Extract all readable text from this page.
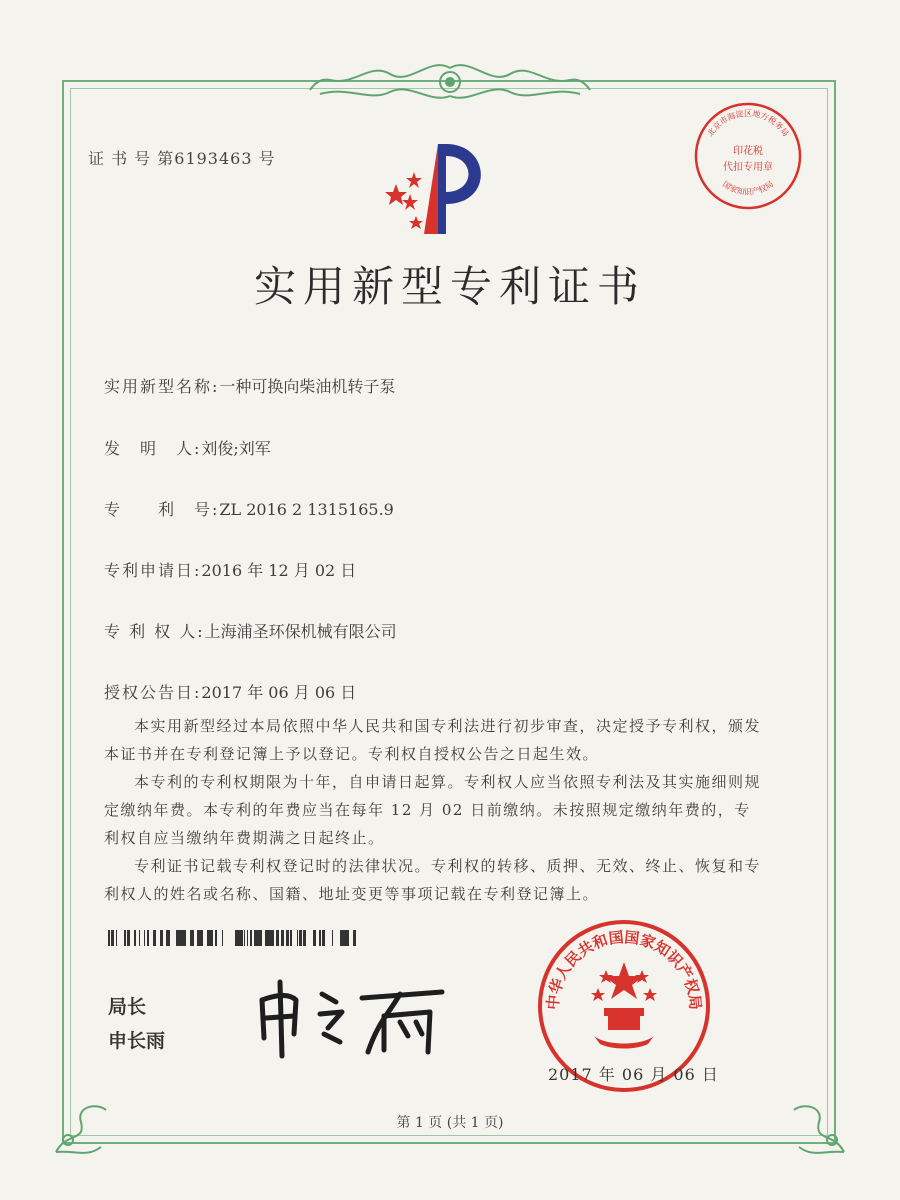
证 书 号 第6193463 号
北京市海淀区地方税务局
印花税
代扣专用章
国家知识产权局
实用新型专利证书
实用新型名称:一种可换向柴油机转子泵
发　明　人:刘俊;刘军
专　　利　号:ZL 2016 2 1315165.9
专利申请日:2016 年 12 月 02 日
专 利 权 人:上海浦圣环保机械有限公司
授权公告日:2017 年 06 月 06 日

本实用新型经过本局依照中华人民共和国专利法进行初步审查，决定授予专利权，颁发本证书并在专利登记簿上予以登记。专利权自授权公告之日起生效。

本专利的专利权期限为十年，自申请日起算。专利权人应当依照专利法及其实施细则规定缴纳年费。本专利的年费应当在每年 12 月 02 日前缴纳。未按照规定缴纳年费的，专利权自应当缴纳年费期满之日起终止。

专利证书记载专利权登记时的法律状况。专利权的转移、质押、无效、终止、恢复和专利权人的姓名或名称、国籍、地址变更等事项记载在专利登记簿上。

局长
申长雨
中华人民共和国国家知识产权局
2017 年 06 月 06 日
第 1 页 (共 1 页)
